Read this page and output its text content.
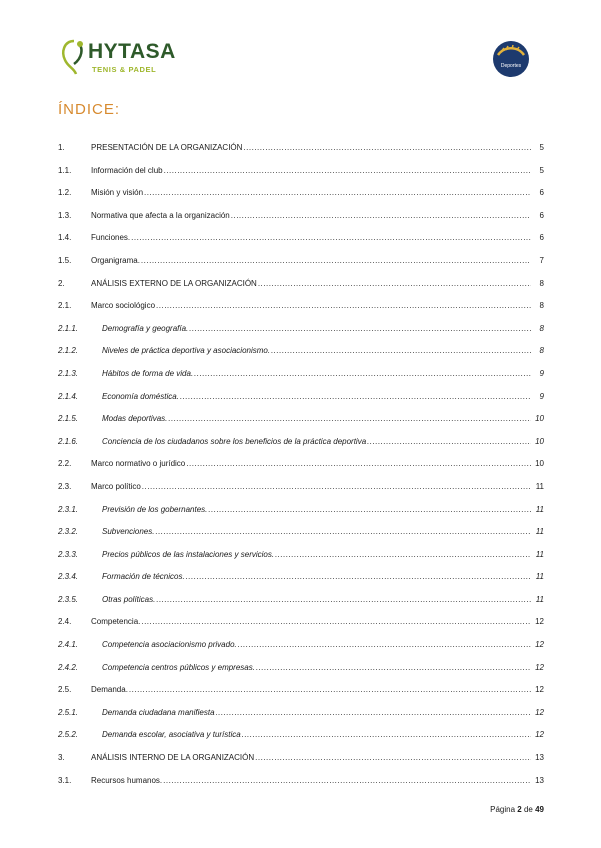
HYTASA
TENIS & PADEL	Deportes
ÍNDICE:
1.	PRESENTACIÓN DE LA ORGANIZACIÓN .....	5
1.1.	Información del club .....	5
1.2.	Misión y visión .....	6
1.3.	Normativa que afecta a la organización .....	6
1.4.	Funciones. .....	6
1.5.	Organigrama. .....	7
2.	ANÁLISIS EXTERNO DE LA ORGANIZACIÓN .....	8
2.1.	Marco sociológico .....	8
2.1.1.	Demografía y geografía. .....	8
2.1.2.	Niveles de práctica deportiva y asociacionismo. .....	8
2.1.3.	Hábitos de forma de vida. .....	9
2.1.4.	Economía doméstica. .....	9
2.1.5.	Modas deportivas. .....	10
2.1.6.	Conciencia de los ciudadanos sobre los beneficios de la práctica deportiva .....	10
2.2.	Marco normativo o jurídico .....	10
2.3.	Marco político .....	11
2.3.1.	Previsión de los gobernantes. .....	11
2.3.2.	Subvenciones. .....	11
2.3.3.	Precios públicos de las instalaciones y servicios. .....	11
2.3.4.	Formación de técnicos. .....	11
2.3.5.	Otras políticas. .....	11
2.4.	Competencia. .....	12
2.4.1.	Competencia asociacionismo privado. .....	12
2.4.2.	Competencia centros públicos y empresas. .....	12
2.5.	Demanda. .....	12
2.5.1.	Demanda ciudadana manifiesta .....	12
2.5.2.	Demanda escolar, asociativa y turística .....	12
3.	ANÁLISIS INTERNO DE LA ORGANIZACIÓN .....	13
3.1.	Recursos humanos. .....	13
Página 2 de 49
